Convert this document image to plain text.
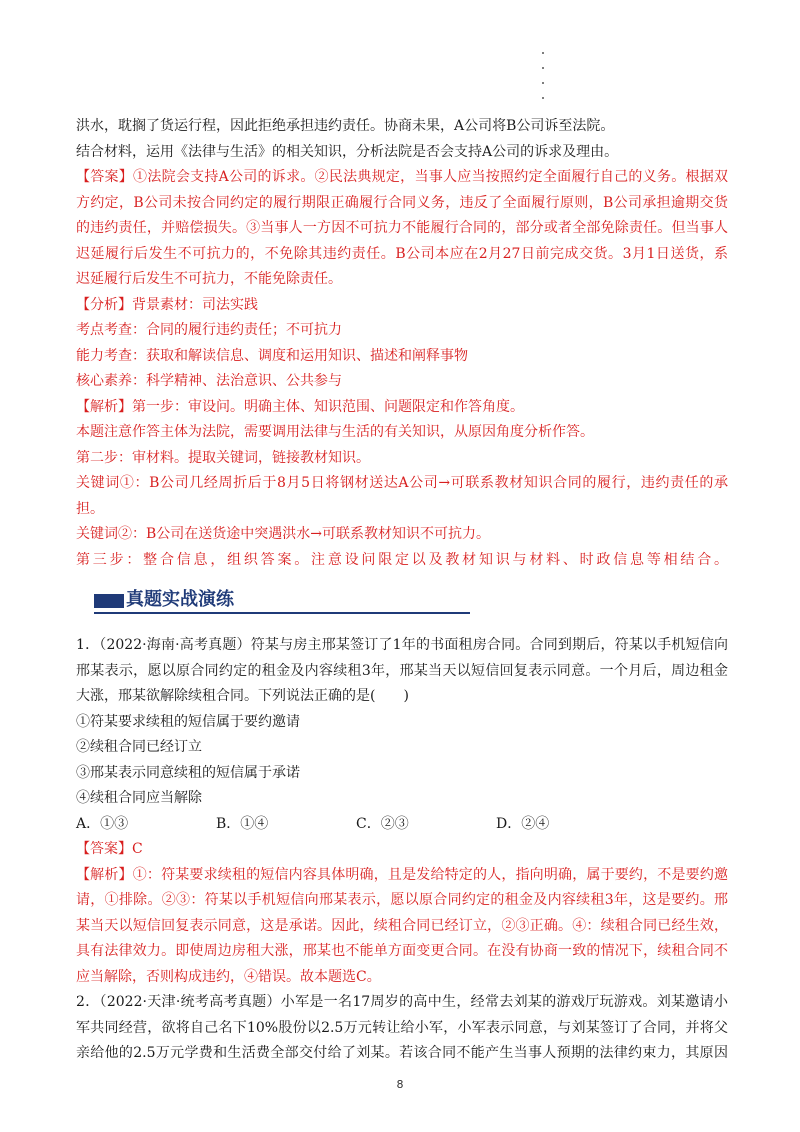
洪水，耽搁了货运行程，因此拒绝承担违约责任。协商未果，A公司将B公司诉至法院。
结合材料，运用《法律与生活》的相关知识，分析法院是否会支持A公司的诉求及理由。
【答案】①法院会支持A公司的诉求。②民法典规定，当事人应当按照约定全面履行自己的义务。根据双
方约定，B公司未按合同约定的履行期限正确履行合同义务，违反了全面履行原则，B公司承担逾期交货
的违约责任，并赔偿损失。③当事人一方因不可抗力不能履行合同的，部分或者全部免除责任。但当事人
迟延履行后发生不可抗力的，不免除其违约责任。B公司本应在2月27日前完成交货。3月1日送货，系
迟延履行后发生不可抗力，不能免除责任。
【分析】背景素材：司法实践
考点考查：合同的履行违约责任；不可抗力
能力考查：获取和解读信息、调度和运用知识、描述和阐释事物
核心素养：科学精神、法治意识、公共参与
【解析】第一步：审设问。明确主体、知识范围、问题限定和作答角度。
本题注意作答主体为法院，需要调用法律与生活的有关知识，从原因角度分析作答。
第二步：审材料。提取关键词，链接教材知识。
关键词①：B公司几经周折后于8月5日将钢材送达A公司→可联系教材知识合同的履行，违约责任的承
担。
关键词②：B公司在送货途中突遇洪水→可联系教材知识不可抗力。
第三步：整合信息，组织答案。注意设问限定以及教材知识与材料、时政信息等相结合。
真题实战演练
1．（2022·海南·高考真题）符某与房主邢某签订了1年的书面租房合同。合同到期后，符某以手机短信向
邢某表示，愿以原合同约定的租金及内容续租3年，邢某当天以短信回复表示同意。一个月后，周边租金
大涨，邢某欲解除续租合同。下列说法正确的是(　　)
①符某要求续租的短信属于要约邀请
②续租合同已经订立
③邢某表示同意续租的短信属于承诺
④续租合同应当解除
A．①③	B．①④	C．②③	D．②④
【答案】C
【解析】①：符某要求续租的短信内容具体明确，且是发给特定的人，指向明确，属于要约，不是要约邀
请，①排除。②③：符某以手机短信向邢某表示，愿以原合同约定的租金及内容续租3年，这是要约。邢
某当天以短信回复表示同意，这是承诺。因此，续租合同已经订立，②③正确。④：续租合同已经生效，
具有法律效力。即使周边房租大涨，邢某也不能单方面变更合同。在没有协商一致的情况下，续租合同不
应当解除，否则构成违约，④错误。故本题选C。
2．（2022·天津·统考高考真题）小军是一名17周岁的高中生，经常去刘某的游戏厅玩游戏。刘某邀请小
军共同经营，欲将自己名下10%股份以2.5万元转让给小军，小军表示同意，与刘某签订了合同，并将父
亲给他的2.5万元学费和生活费全部交付给了刘某。若该合同不能产生当事人预期的法律约束力，其原因
8
